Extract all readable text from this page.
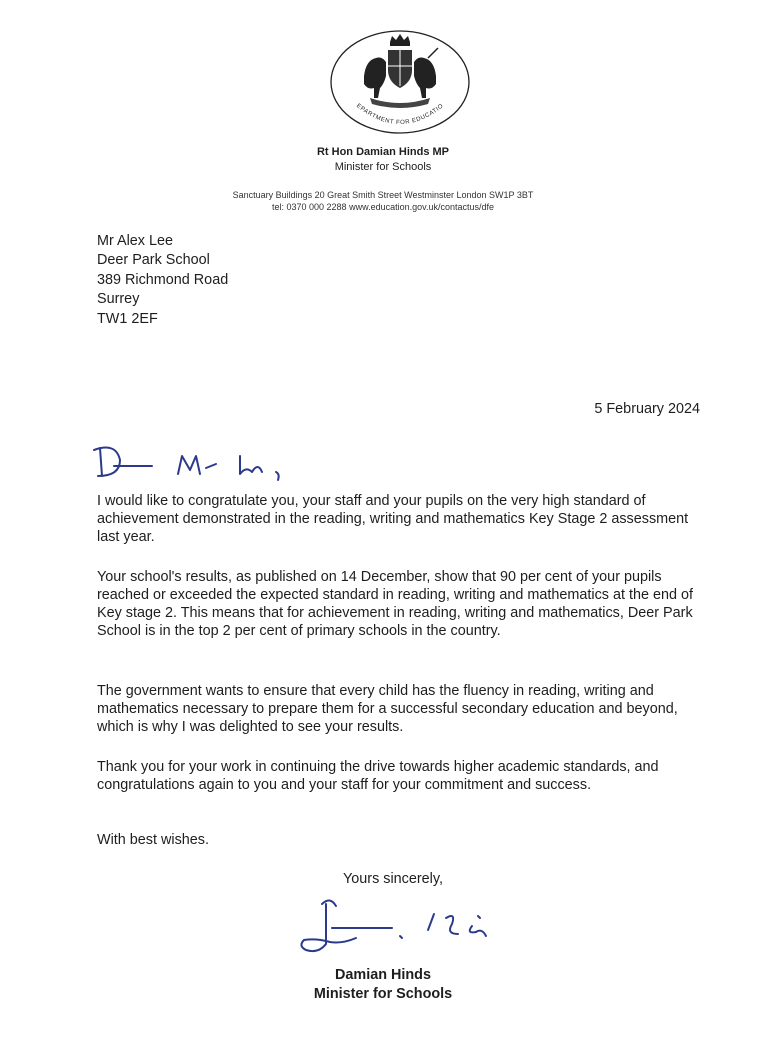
EPARTMENT FOR EDUCATIO
Rt Hon Damian Hinds MP
Minister for Schools
Sanctuary Buildings 20 Great Smith Street Westminster London SW1P 3BT
tel: 0370 000 2288 www.education.gov.uk/contactus/dfe
Mr Alex Lee
Deer Park School
389 Richmond Road
Surrey
TW1 2EF
5 February 2024

I would like to congratulate you, your staff and your pupils on the very high standard of achievement demonstrated in the reading, writing and mathematics Key Stage 2 assessment last year.

Your school's results, as published on 14 December, show that 90 per cent of your pupils reached or exceeded the expected standard in reading, writing and mathematics at the end of Key stage 2. This means that for achievement in reading, writing and mathematics, Deer Park School is in the top 2 per cent of primary schools in the country.

The government wants to ensure that every child has the fluency in reading, writing and mathematics necessary to prepare them for a successful secondary education and beyond, which is why I was delighted to see your results.

Thank you for your work in continuing the drive towards higher academic standards, and congratulations again to you and your staff for your commitment and success.

With best wishes.
Yours sincerely,
Damian Hinds
Minister for Schools
